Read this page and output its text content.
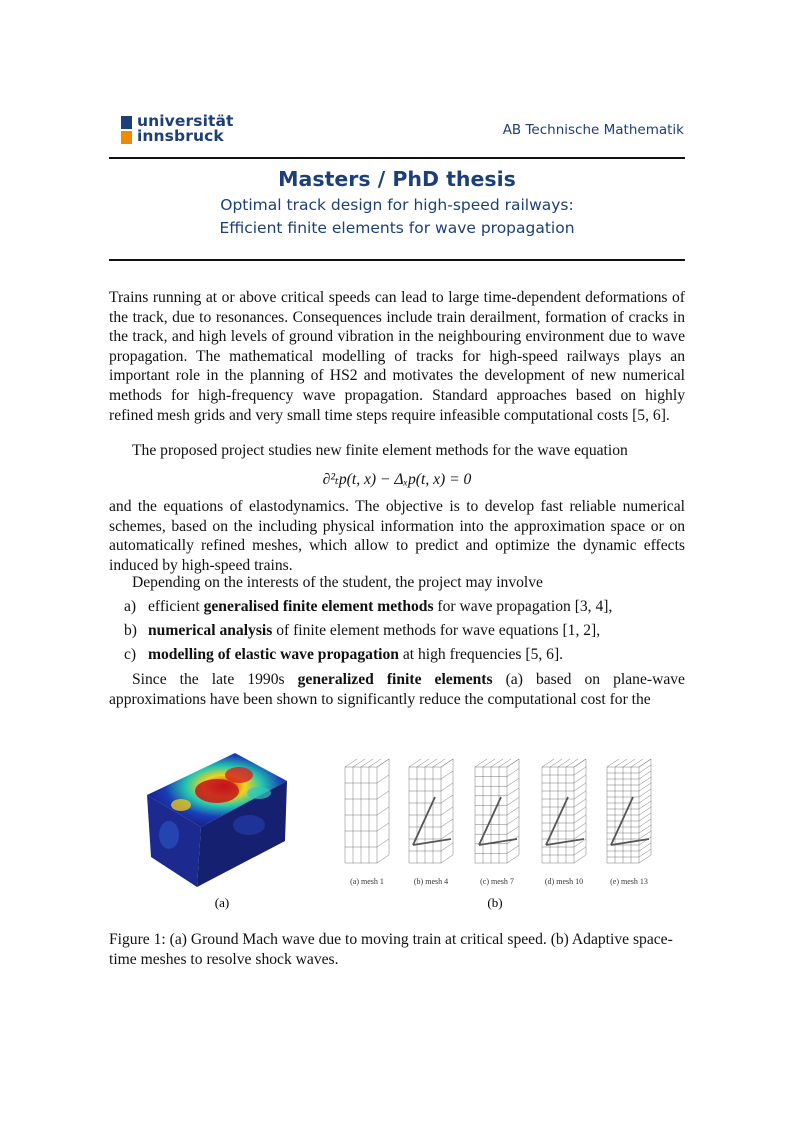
universität
innsbruck	AB Technische Mathematik
Masters / PhD thesis
Optimal track design for high-speed railways:
Efficient finite elements for wave propagation
Trains running at or above critical speeds can lead to large time-dependent deformations of the track, due to resonances. Consequences include train derailment, formation of cracks in the track, and high levels of ground vibration in the neighbouring environment due to wave propagation. The mathematical modelling of tracks for high-speed railways plays an important role in the planning of HS2 and motivates the development of new numerical methods for high-frequency wave propagation. Standard approaches based on highly refined mesh grids and very small time steps require infeasible computational costs [5, 6].
The proposed project studies new finite element methods for the wave equation
∂²ₜp(t, x) − Δₓp(t, x) = 0
and the equations of elastodynamics. The objective is to develop fast reliable numerical schemes, based on the including physical information into the approximation space or on automatically refined meshes, which allow to predict and optimize the dynamic effects induced by high-speed trains.
Depending on the interests of the student, the project may involve
a) efficient generalised finite element methods for wave propagation [3, 4],
b) numerical analysis of finite element methods for wave equations [1, 2],
c) modelling of elastic wave propagation at high frequencies [5, 6].
Since the late 1990s generalized finite elements (a) based on plane-wave approximations have been shown to significantly reduce the computational cost for the
(a) mesh 1	(b) mesh 4	(c) mesh 7	(d) mesh 10	(e) mesh 13
(a)	(b)
Figure 1: (a) Ground Mach wave due to moving train at critical speed. (b) Adaptive space-time meshes to resolve shock waves.
